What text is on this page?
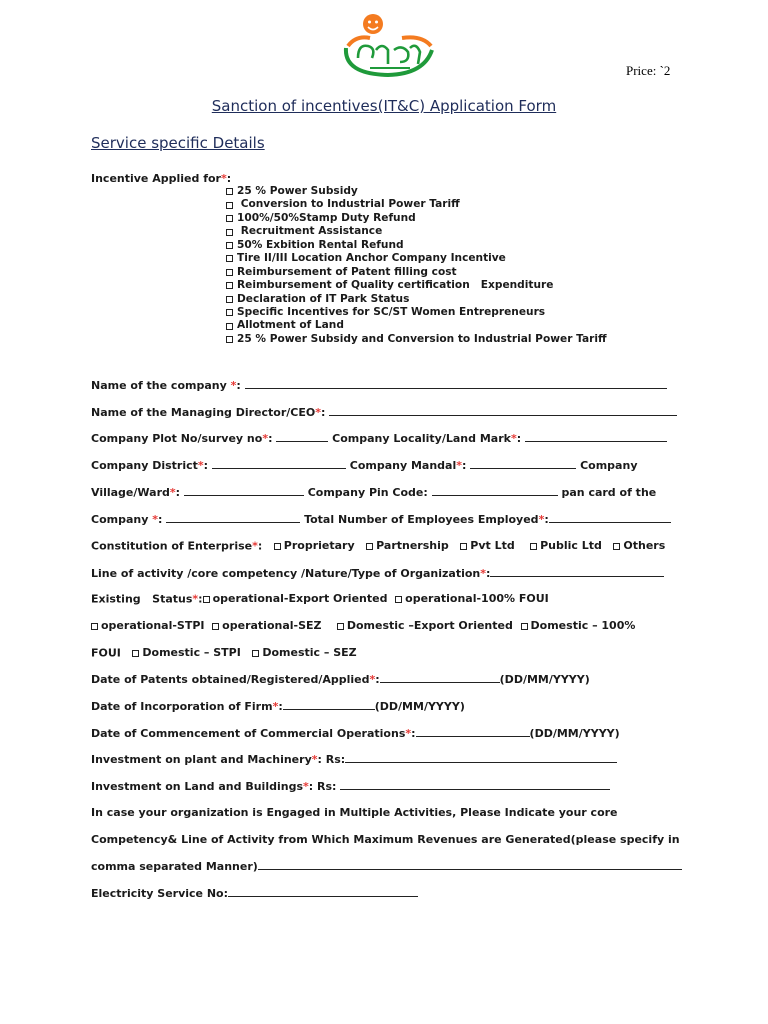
Price: `2
Sanction of incentives(IT&C) Application Form
Service specific Details
Incentive Applied for*:
25 % Power Subsidy
Conversion to Industrial Power Tariff
100%/50%Stamp Duty Refund
Recruitment Assistance
50% Exbition Rental Refund
Tire II/III Location Anchor Company Incentive
Reimbursement of Patent filling cost
Reimbursement of Quality certification   Expenditure
Declaration of IT Park Status
Specific Incentives for SC/ST Women Entrepreneurs
Allotment of Land
25 % Power Subsidy and Conversion to Industrial Power Tariff
Name of the company *:
Name of the Managing Director/CEO*:
Company Plot No/survey no*:	Company Locality/Land Mark*:
Company District*:	Company Mandal*:	Company
Village/Ward*:	Company Pin Code:	pan card of the
Company *:	Total Number of Employees Employed*:
Constitution of Enterprise*: Proprietary
Partnership
Pvt Ltd
Public Ltd
Others
Line of activity /core competency /Nature/Type of Organization*:
Existing   Status*: operational-Export Oriented
operational-100% FOUI
operational-STPI
operational-SEZ
Domestic –Export Oriented
Domestic – 100%
FOUI Domestic – STPI
Domestic – SEZ
Date of Patents obtained/Registered/Applied*:	(DD/MM/YYYY)
Date of Incorporation of Firm*:	(DD/MM/YYYY)
Date of Commencement of Commercial Operations*:	(DD/MM/YYYY)
Investment on plant and Machinery*: Rs:
Investment on Land and Buildings*: Rs:
In case your organization is Engaged in Multiple Activities, Please Indicate your core
Competency& Line of Activity from Which Maximum Revenues are Generated(please specify in
comma separated Manner)
Electricity Service No:
